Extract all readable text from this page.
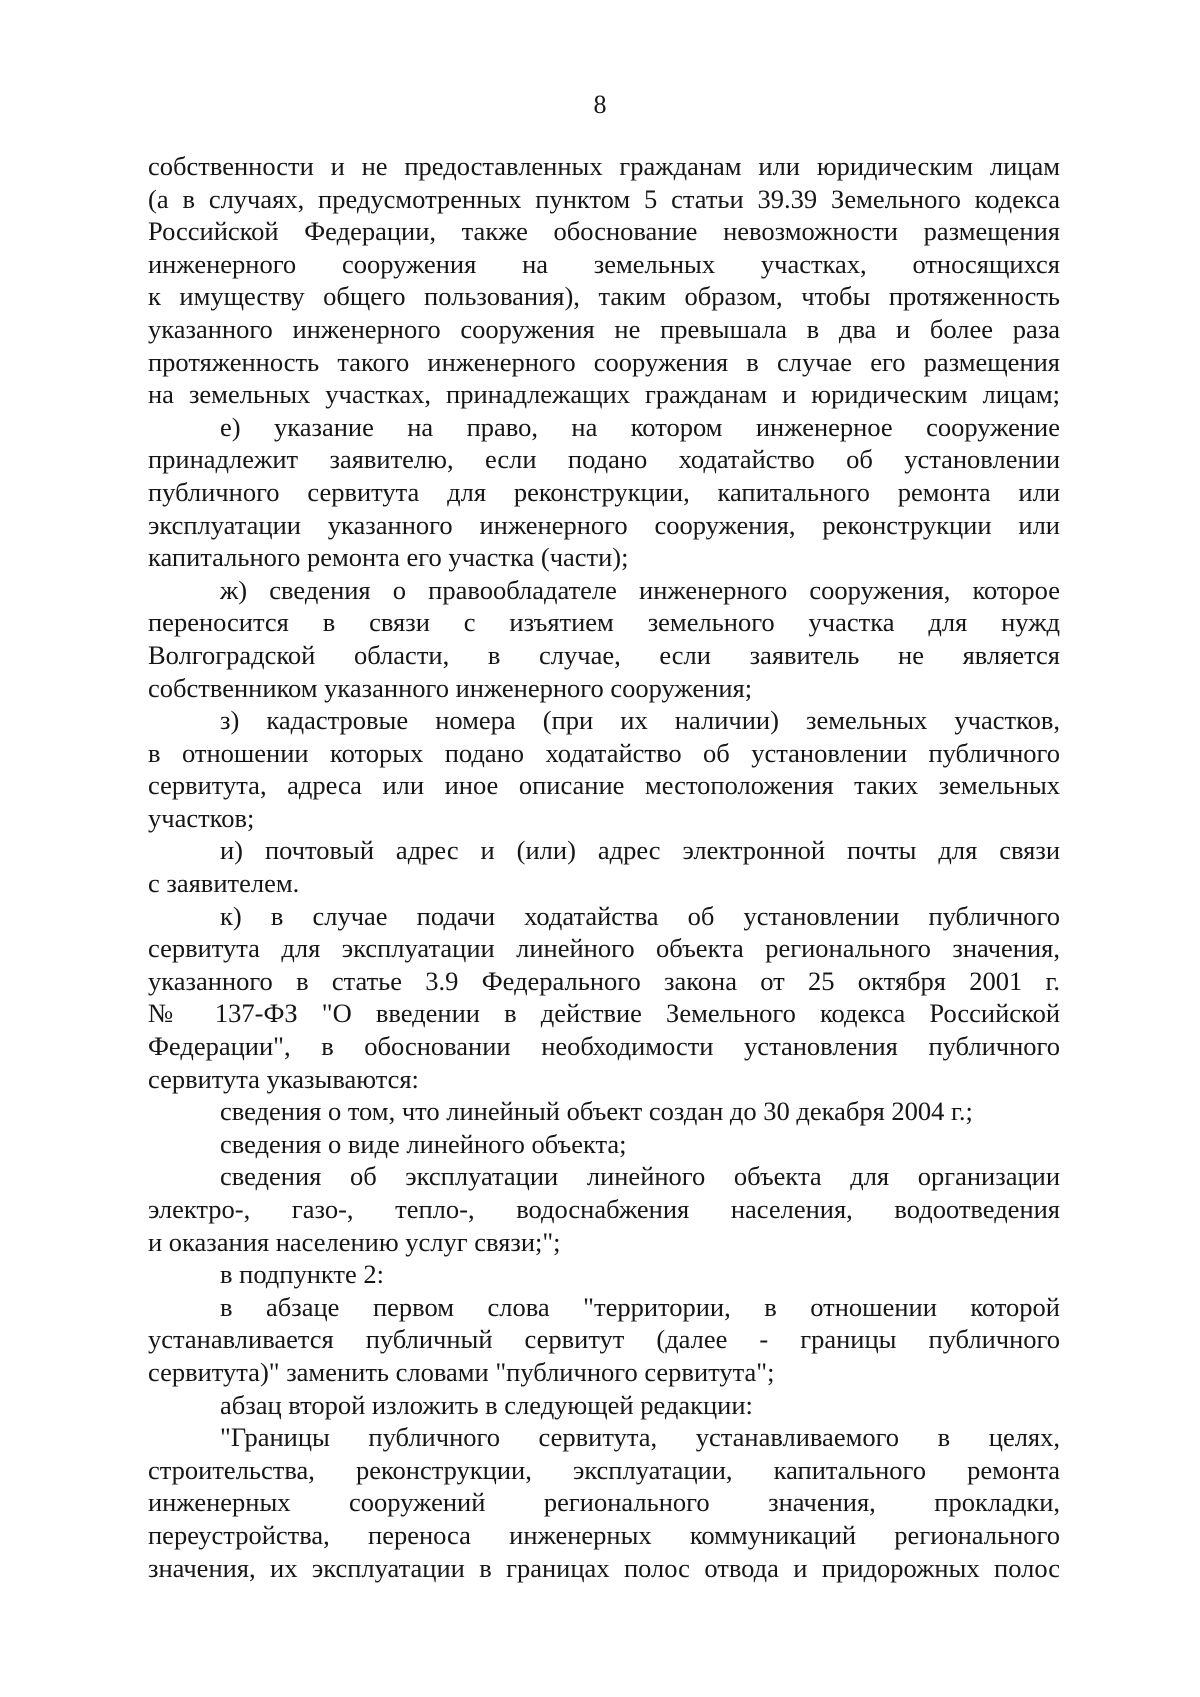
8
собственности и не предоставленных гражданам или юридическим лицам
(а в случаях, предусмотренных пунктом 5 статьи 39.39 Земельного кодекса
Российской Федерации, также обоснование невозможности размещения
инженерного сооружения на земельных участках, относящихся
к имуществу общего пользования), таким образом, чтобы протяженность
указанного инженерного сооружения не превышала в два и более раза
протяженность такого инженерного сооружения в случае его размещения
на земельных участках, принадлежащих гражданам и юридическим лицам;
е) указание на право, на котором инженерное сооружение
принадлежит заявителю, если подано ходатайство об установлении
публичного сервитута для реконструкции, капитального ремонта или
эксплуатации указанного инженерного сооружения, реконструкции или
капитального ремонта его участка (части);
ж) сведения о правообладателе инженерного сооружения, которое
переносится в связи с изъятием земельного участка для нужд
Волгоградской области, в случае, если заявитель не является
собственником указанного инженерного сооружения;
з) кадастровые номера (при их наличии) земельных участков,
в отношении которых подано ходатайство об установлении публичного
сервитута, адреса или иное описание местоположения таких земельных
участков;
и) почтовый адрес и (или) адрес электронной почты для связи
с заявителем.
к) в случае подачи ходатайства об установлении публичного
сервитута для эксплуатации линейного объекта регионального значения,
указанного в статье 3.9 Федерального закона от 25 октября 2001 г.
№ 137-ФЗ "О введении в действие Земельного кодекса Российской
Федерации", в обосновании необходимости установления публичного
сервитута указываются:
сведения о том, что линейный объект создан до 30 декабря 2004 г.;
сведения о виде линейного объекта;
сведения об эксплуатации линейного объекта для организации
электро-, газо-, тепло-, водоснабжения населения, водоотведения
и оказания населению услуг связи;";
в подпункте 2:
в абзаце первом слова "территории, в отношении которой
устанавливается публичный сервитут (далее - границы публичного
сервитута)" заменить словами "публичного сервитута";
абзац второй изложить в следующей редакции:
"Границы публичного сервитута, устанавливаемого в целях,
строительства, реконструкции, эксплуатации, капитального ремонта
инженерных сооружений регионального значения, прокладки,
переустройства, переноса инженерных коммуникаций регионального
значения, их эксплуатации в границах полос отвода и придорожных полос
